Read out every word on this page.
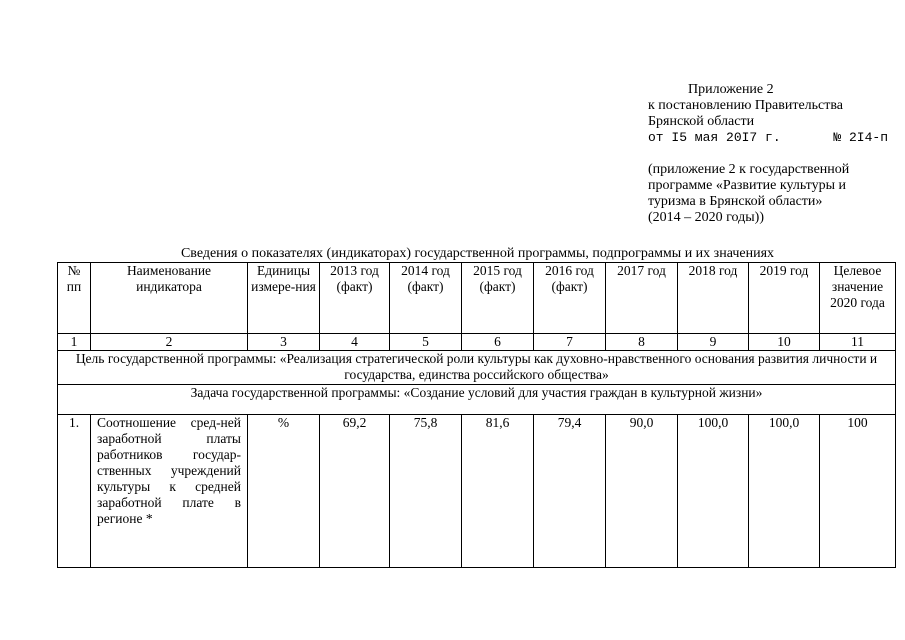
Приложение 2
к постановлению Правительства
Брянской области
от I5 мая 20I7 г.	№ 2I4-п
(приложение 2 к государственной
программе «Развитие культуры и
туризма в Брянской области»
(2014 – 2020 годы))
Сведения о показателях (индикаторах) государственной программы, подпрограммы и их значениях
№ пп	Наименование индикатора	Единицы измере-ния	2013 год (факт)	2014 год (факт)	2015 год (факт)	2016 год (факт)	2017 год	2018 год	2019 год	Целевое значение 2020 года
1	2	3	4	5	6	7	8	9	10	11
Цель государственной программы: «Реализация стратегической роли культуры как духовно-нравственного основания развития личности и государства, единства российского общества»										
Задача государственной программы: «Создание условий для участия граждан в культурной жизни»										
1.	Соотношение сред-ней заработной платы работников государ-ственных учреждений культуры к средней заработной плате в регионе *	%	69,2	75,8	81,6	79,4	90,0	100,0	100,0	100
